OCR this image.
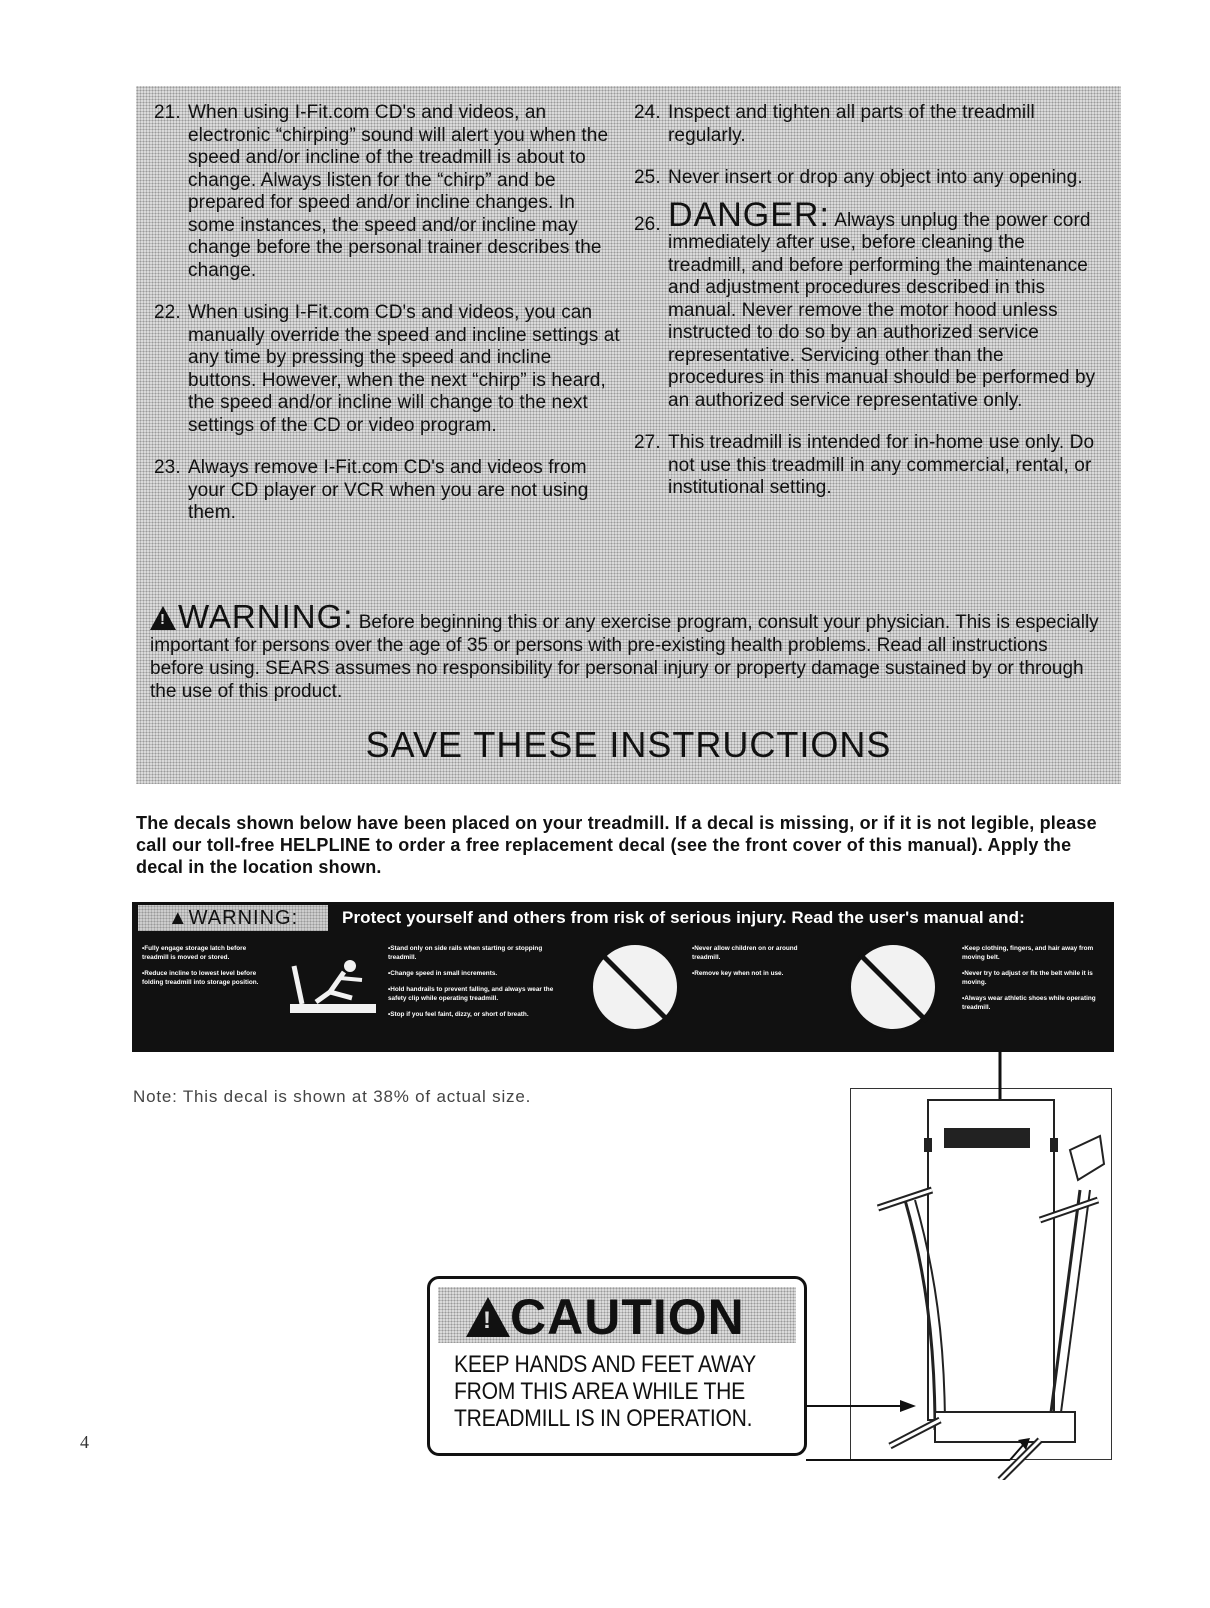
21. When using I-Fit.com CD's and videos, an electronic “chirping” sound will alert you when the speed and/or incline of the treadmill is about to change. Always listen for the “chirp” and be prepared for speed and/or incline changes. In some instances, the speed and/or incline may change before the personal trainer describes the change.
22. When using I-Fit.com CD's and videos, you can manually override the speed and incline settings at any time by pressing the speed and incline buttons. However, when the next “chirp” is heard, the speed and/or incline will change to the next settings of the CD or video program.
23. Always remove I-Fit.com CD's and videos from your CD player or VCR when you are not using them.
24. Inspect and tighten all parts of the treadmill regularly.
25. Never insert or drop any object into any opening.
26. DANGER: Always unplug the power cord immediately after use, before cleaning the treadmill, and before performing the maintenance and adjustment procedures described in this manual. Never remove the motor hood unless instructed to do so by an authorized service representative. Servicing other than the procedures in this manual should be performed by an authorized service representative only.
27. This treadmill is intended for in-home use only. Do not use this treadmill in any commercial, rental, or institutional setting.
!WARNING: Before beginning this or any exercise program, consult your physician. This is especially important for persons over the age of 35 or persons with pre-existing health problems. Read all instructions before using. SEARS assumes no responsibility for personal injury or property damage sustained by or through the use of this product.
SAVE THESE INSTRUCTIONS
The decals shown below have been placed on your treadmill. If a decal is missing, or if it is not legible, please call our toll-free HELPLINE to order a free replacement decal (see the front cover of this manual). Apply the decal in the location shown.
▲WARNING:	Protect yourself and others from risk of serious injury. Read the user's manual and:
• Fully engage storage latch before treadmill is moved or stored.
• Reduce incline to lowest level before folding treadmill into storage position.
• Stand only on side rails when starting or stopping treadmill.
• Change speed in small increments.
• Hold handrails to prevent falling, and always wear the safety clip while operating treadmill.
• Stop if you feel faint, dizzy, or short of breath.
• Never allow children on or around treadmill.
• Remove key when not in use.
• Keep clothing, fingers, and hair away from moving belt.
• Never try to adjust or fix the belt while it is moving.
• Always wear athletic shoes while operating treadmill.
Note: This decal is shown at 38% of actual size.
! CAUTION
KEEP HANDS AND FEET AWAY
FROM THIS AREA WHILE THE
TREADMILL IS IN OPERATION.
4
